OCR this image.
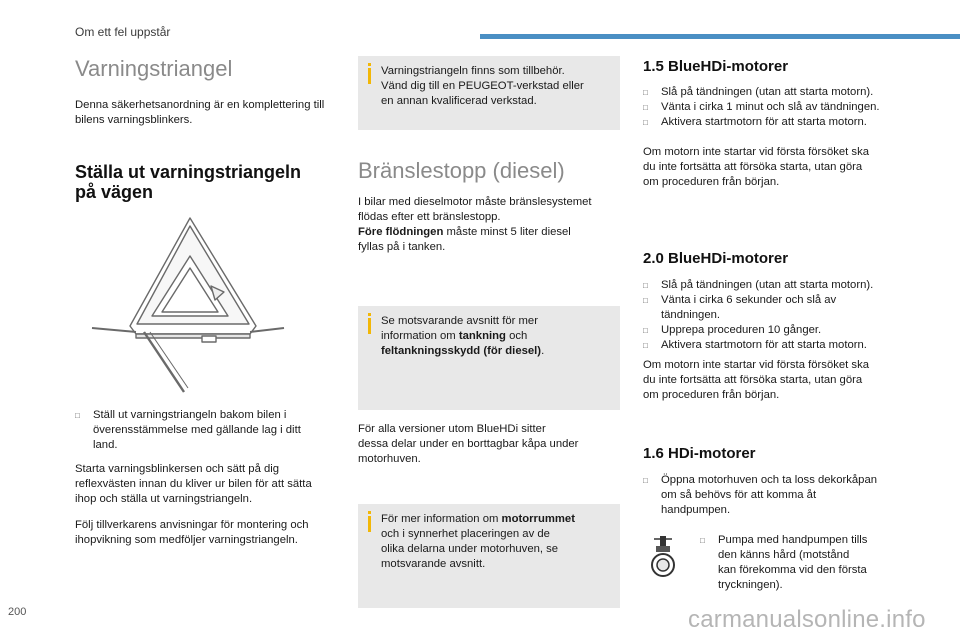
Om ett fel uppstår
Varningstriangel
Denna säkerhetsanordning är en komplettering till bilens varningsblinkers.
Ställa ut varningstriangeln
på vägen
□ Ställ ut varningstriangeln bakom bilen i
överensstämmelse med gällande lag i ditt
land.
Starta varningsblinkersen och sätt på dig
reflexvästen innan du kliver ur bilen för att sätta
ihop och ställa ut varningstriangeln.
Följ tillverkarens anvisningar för montering och
ihopvikning som medföljer varningstriangeln.
Varningstriangeln finns som tillbehör.
Vänd dig till en PEUGEOT-verkstad eller
en annan kvalificerad verkstad.
Bränslestopp (diesel)
I bilar med dieselmotor måste bränslesystemet
flödas efter ett bränslestopp.
Före flödningen måste minst 5 liter diesel
fyllas på i tanken.
Se motsvarande avsnitt för mer
information om tankning och
feltankningsskydd (för diesel).
För alla versioner utom BlueHDi sitter
dessa delar under en borttagbar kåpa under
motorhuven.
För mer information om motorrummet
och i synnerhet placeringen av de
olika delarna under motorhuven, se
motsvarande avsnitt.
1.5 BlueHDi-motorer
□ Slå på tändningen (utan att starta motorn).
□ Vänta i cirka 1 minut och slå av tändningen.
□ Aktivera startmotorn för att starta motorn.
Om motorn inte startar vid första försöket ska
du inte fortsätta att försöka starta, utan göra
om proceduren från början.
2.0 BlueHDi-motorer
□ Slå på tändningen (utan att starta motorn).
□ Vänta i cirka 6 sekunder och slå av
tändningen.
□ Upprepa proceduren 10 gånger.
□ Aktivera startmotorn för att starta motorn.
Om motorn inte startar vid första försöket ska
du inte fortsätta att försöka starta, utan göra
om proceduren från början.
1.6 HDi-motorer
□ Öppna motorhuven och ta loss dekorkåpan
om så behövs för att komma åt
handpumpen.
□ Pumpa med handpumpen tills
den känns hård (motstånd
kan förekomma vid den första
tryckningen).
200	carmanualsonline.info
